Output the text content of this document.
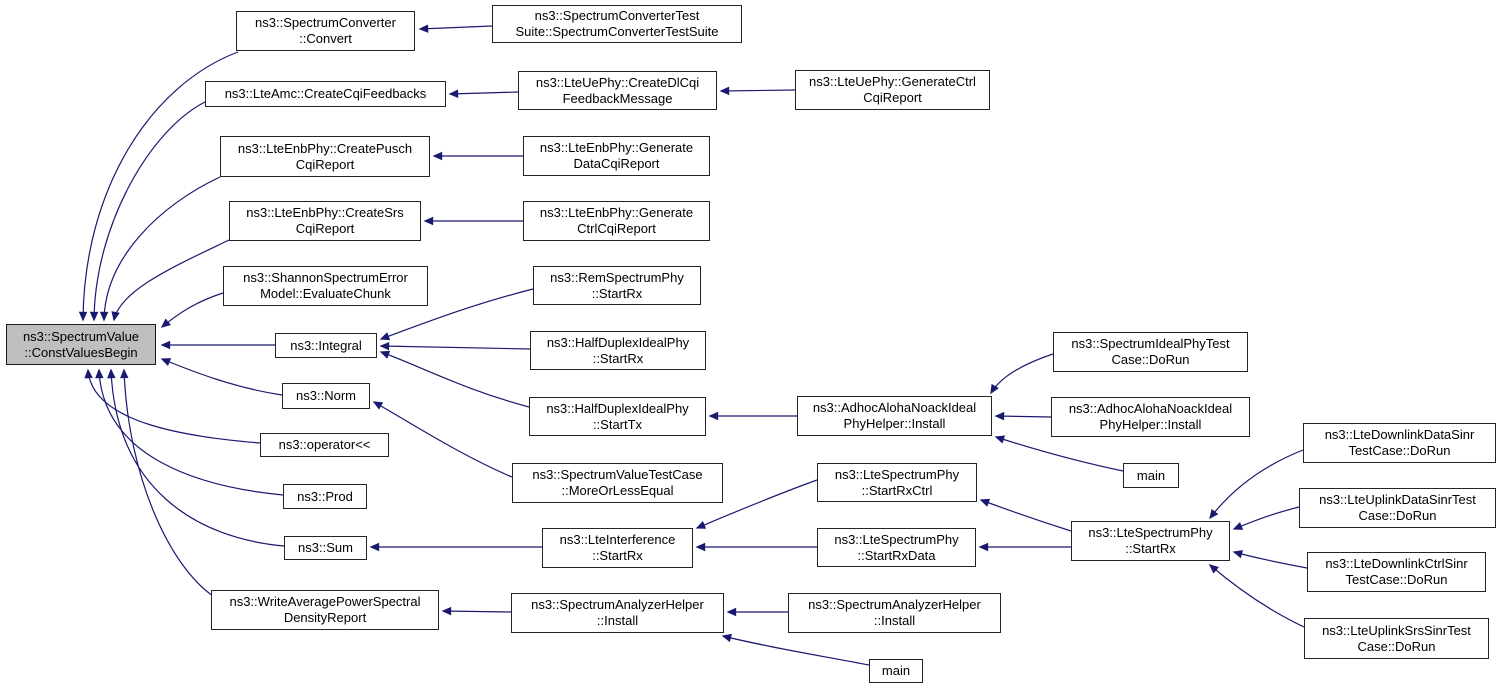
ns3::SpectrumValue
::ConstValuesBegin
ns3::SpectrumConverter
::Convert
ns3::LteAmc::CreateCqiFeedbacks
ns3::LteEnbPhy::CreatePusch
CqiReport
ns3::LteEnbPhy::CreateSrs
CqiReport
ns3::ShannonSpectrumError
Model::EvaluateChunk
ns3::Integral
ns3::Norm
ns3::operator<<
ns3::Prod
ns3::Sum
ns3::WriteAveragePowerSpectral
DensityReport
ns3::SpectrumConverterTest
Suite::SpectrumConverterTestSuite
ns3::LteUePhy::CreateDlCqi
FeedbackMessage
ns3::LteEnbPhy::Generate
DataCqiReport
ns3::LteEnbPhy::Generate
CtrlCqiReport
ns3::RemSpectrumPhy
::StartRx
ns3::HalfDuplexIdealPhy
::StartRx
ns3::HalfDuplexIdealPhy
::StartTx
ns3::SpectrumValueTestCase
::MoreOrLessEqual
ns3::LteInterference
::StartRx
ns3::SpectrumAnalyzerHelper
::Install
ns3::LteUePhy::GenerateCtrl
CqiReport
ns3::AdhocAlohaNoackIdeal
PhyHelper::Install
ns3::LteSpectrumPhy
::StartRxCtrl
ns3::LteSpectrumPhy
::StartRxData
ns3::SpectrumAnalyzerHelper
::Install
main
ns3::SpectrumIdealPhyTest
Case::DoRun
ns3::AdhocAlohaNoackIdeal
PhyHelper::Install
main
ns3::LteSpectrumPhy
::StartRx
ns3::LteDownlinkDataSinr
TestCase::DoRun
ns3::LteUplinkDataSinrTest
Case::DoRun
ns3::LteDownlinkCtrlSinr
TestCase::DoRun
ns3::LteUplinkSrsSinrTest
Case::DoRun
